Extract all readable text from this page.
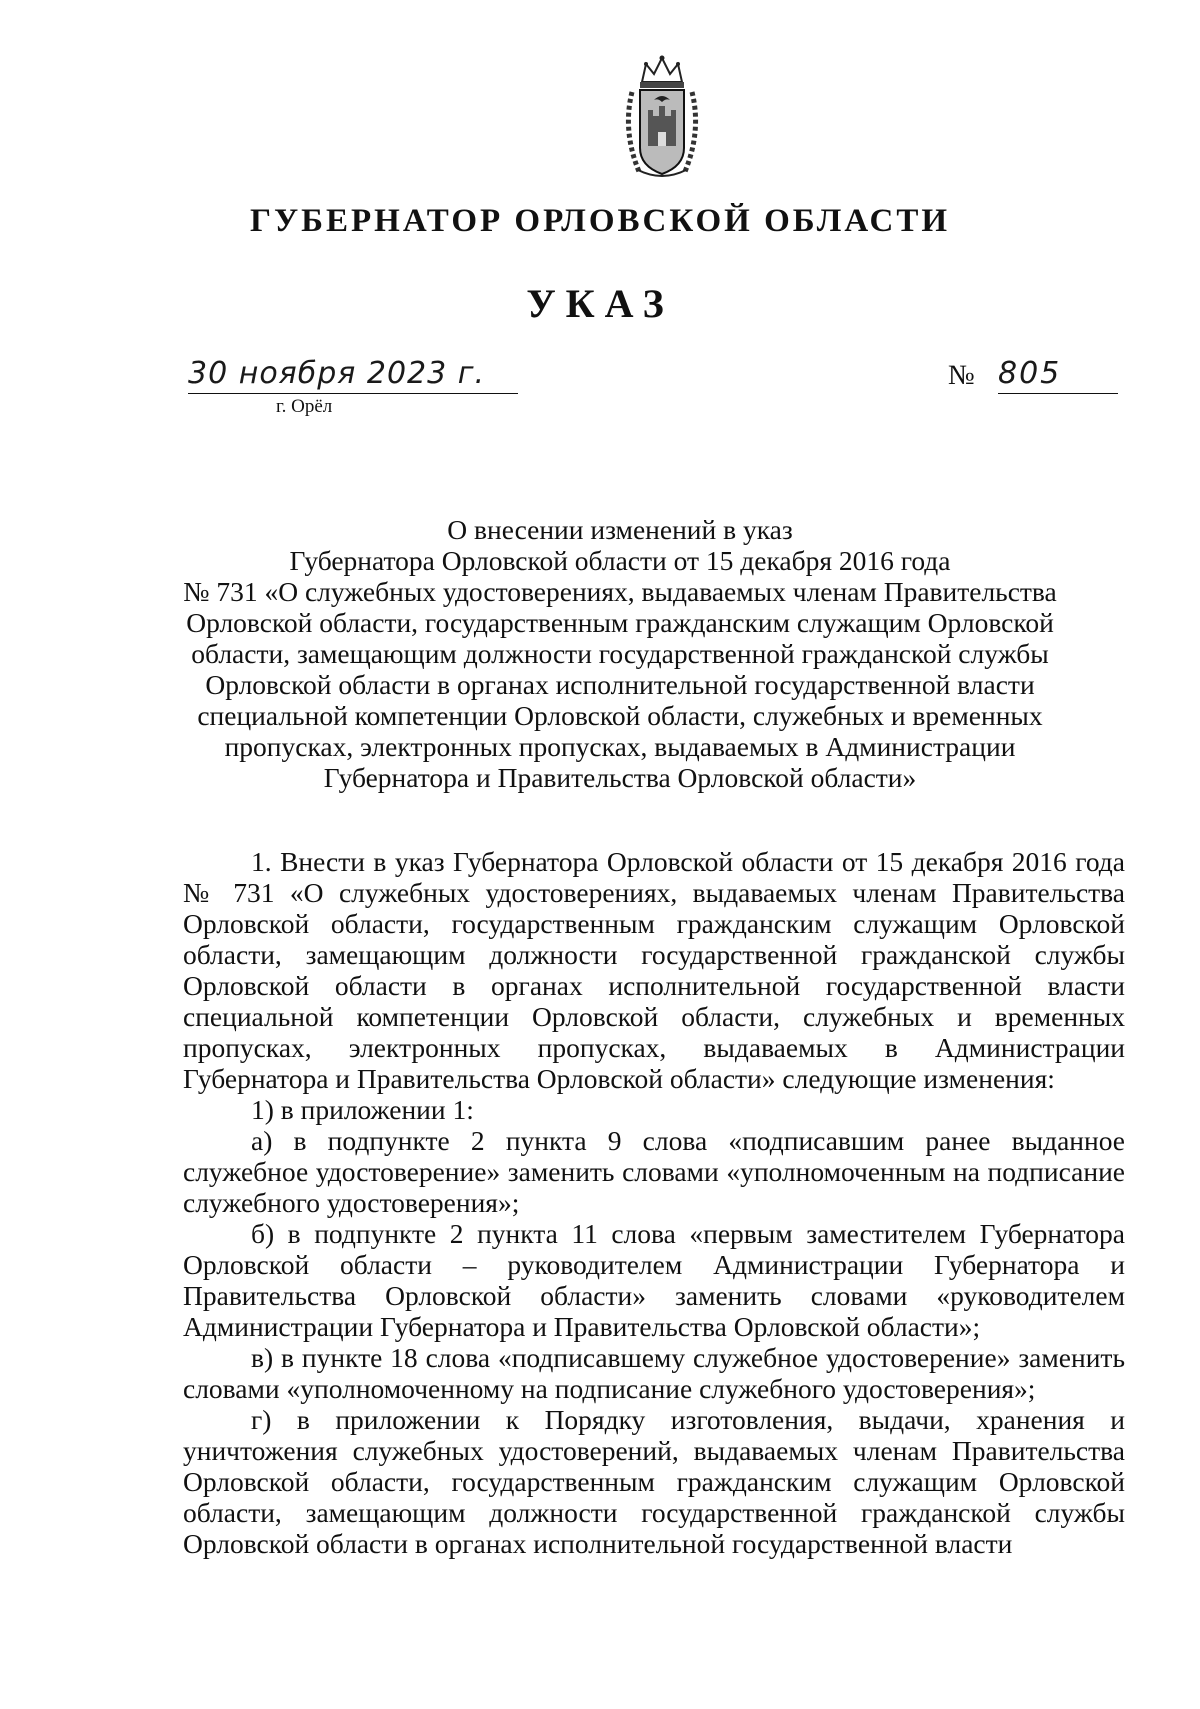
ГУБЕРНАТОР ОРЛОВСКОЙ ОБЛАСТИ
УКАЗ
30 ноября 2023 г.
г. Орёл
№ 805
О внесении изменений в указ
Губернатора Орловской области от 15 декабря 2016 года
№ 731 «О служебных удостоверениях, выдаваемых членам Правительства
Орловской области, государственным гражданским служащим Орловской
области, замещающим должности государственной гражданской службы
Орловской области в органах исполнительной государственной власти
специальной компетенции Орловской области, служебных и временных
пропусках, электронных пропусках, выдаваемых в Администрации
Губернатора и Правительства Орловской области»

1. Внести в указ Губернатора Орловской области от 15 декабря 2016 года № 731 «О служебных удостоверениях, выдаваемых членам Правительства Орловской области, государственным гражданским служащим Орловской области, замещающим должности государственной гражданской службы Орловской области в органах исполнительной государственной власти специальной компетенции Орловской области, служебных и временных пропусках, электронных пропусках, выдаваемых в Администрации Губернатора и Правительства Орловской области» следующие изменения:

1) в приложении 1:

а) в подпункте 2 пункта 9 слова «подписавшим ранее выданное служебное удостоверение» заменить словами «уполномоченным на подписание служебного удостоверения»;

б) в подпункте 2 пункта 11 слова «первым заместителем Губернатора Орловской области – руководителем Администрации Губернатора и Правительства Орловской области» заменить словами «руководителем Администрации Губернатора и Правительства Орловской области»;

в) в пункте 18 слова «подписавшему служебное удостоверение» заменить словами «уполномоченному на подписание служебного удостоверения»;

г) в приложении к Порядку изготовления, выдачи, хранения и уничтожения служебных удостоверений, выдаваемых членам Правительства Орловской области, государственным гражданским служащим Орловской области, замещающим должности государственной гражданской службы Орловской области в органах исполнительной государственной власти
